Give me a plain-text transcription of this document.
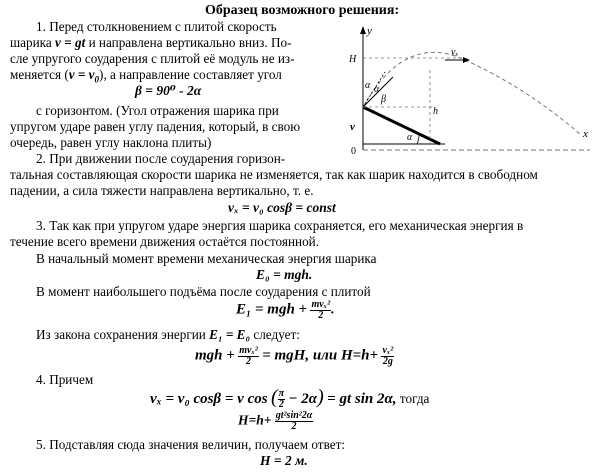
Образец возможного решения:
1. Перед столкновением с плитой скорость
шарика v = gt и направлена вертикально вниз. По-
сле упругого соударения с плитой её модуль не из-
меняется $(v = v_0)$, а направление составляет угол
β = 90⁰ - 2α
с горизонтом. (Угол отражения шарика при
упругом ударе равен углу падения, который, в свою
очередь, равен углу наклона плиты)
2. При движении после соударения горизон-
тальная составляющая скорости шарика не изменяется, так как шарик находится в свободном
падении, а сила тяжести направлена вертикально, т. е.
vₓ = v₀ cosβ = const
3. Так как при упругом ударе энергия шарика сохраняется, его механическая энергия в
течение всего времени движения остаётся постоянной.
В начальный момент времени механическая энергия шарика
E₀ = mgh.
В момент наибольшего подъёма после соударения с плитой
E₁ = mgh + $\frac{\text{mvₓ²}}{2}$ .
Из закона сохранения энергии E₁ = E₀ следует:
mgh + $\frac{\text{mvₓ²}}{2}$ = mgH, или $H=h+ \frac{\text{vₓ²}}{2g}$
4. Причем
vₓ = v₀ cosβ = v cos ( $\frac{\pi}{2} - 2\alpha$) = gt sin 2α, тогда
$H=h+ \frac{\text{gt²sin²2α}}{2}$
5. Подставляя сюда значения величин, получаем ответ:
H = 2 м.
y
x
H
h
v
vₓ
α α
β
α
0
